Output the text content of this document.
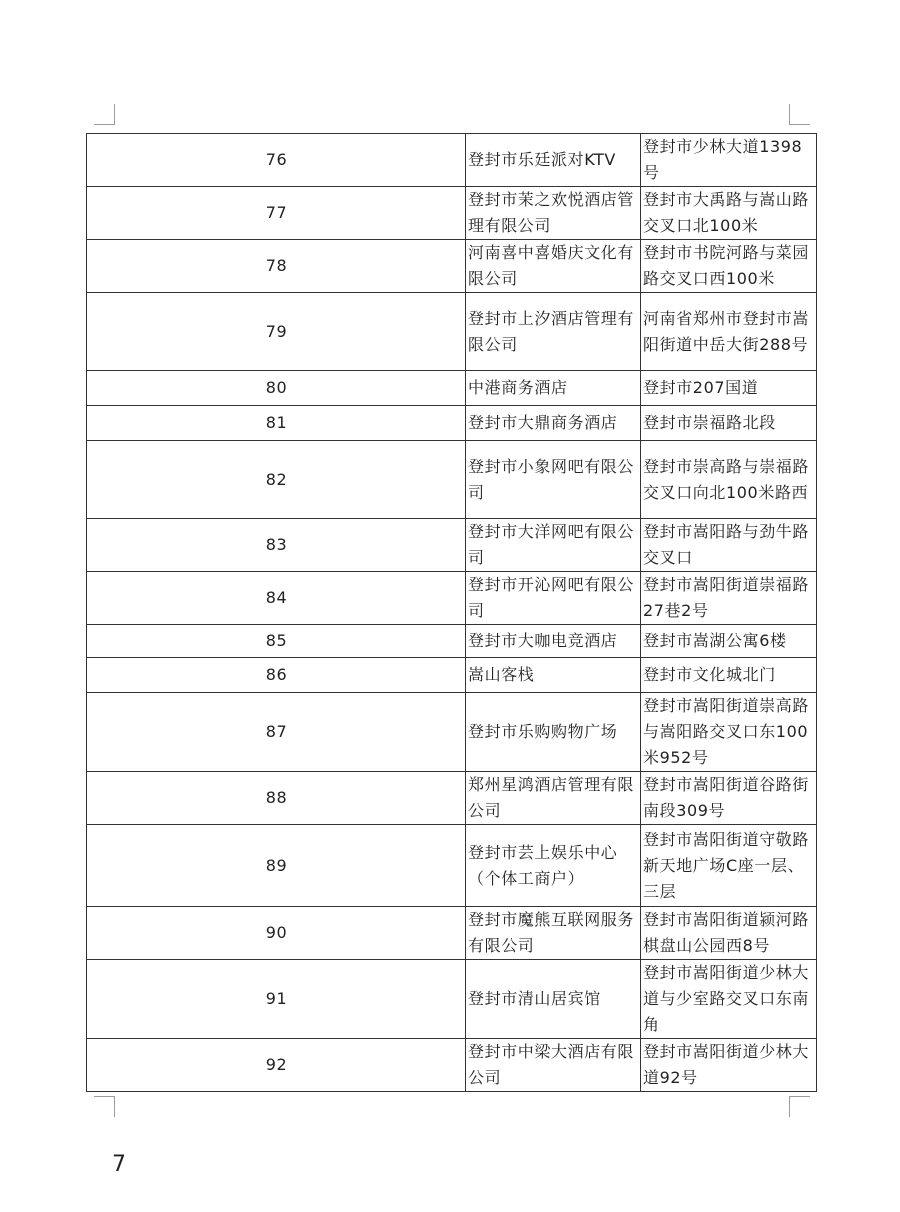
76	登封市乐廷派对KTV	登封市少林大道1398号
77	登封市茉之欢悦酒店管理有限公司	登封市大禹路与嵩山路交叉口北100米
78	河南喜中喜婚庆文化有限公司	登封市书院河路与菜园路交叉口西100米
79	登封市上汐酒店管理有限公司	河南省郑州市登封市嵩阳街道中岳大街288号
80	中港商务酒店	登封市207国道
81	登封市大鼎商务酒店	登封市崇福路北段
82	登封市小象网吧有限公司	登封市崇高路与崇福路交叉口向北100米路西
83	登封市大洋网吧有限公司	登封市嵩阳路与劲牛路交叉口
84	登封市开沁网吧有限公司	登封市嵩阳街道崇福路27巷2号
85	登封市大咖电竞酒店	登封市嵩湖公寓6楼
86	嵩山客栈	登封市文化城北门
87	登封市乐购购物广场	登封市嵩阳街道崇高路与嵩阳路交叉口东100米952号
88	郑州星鸿酒店管理有限公司	登封市嵩阳街道谷路街南段309号
89	登封市芸上娱乐中心（个体工商户）	登封市嵩阳街道守敬路新天地广场C座一层、三层
90	登封市魔熊互联网服务有限公司	登封市嵩阳街道颍河路棋盘山公园西8号
91	登封市清山居宾馆	登封市嵩阳街道少林大道与少室路交叉口东南角
92	登封市中梁大酒店有限公司	登封市嵩阳街道少林大道92号
7
